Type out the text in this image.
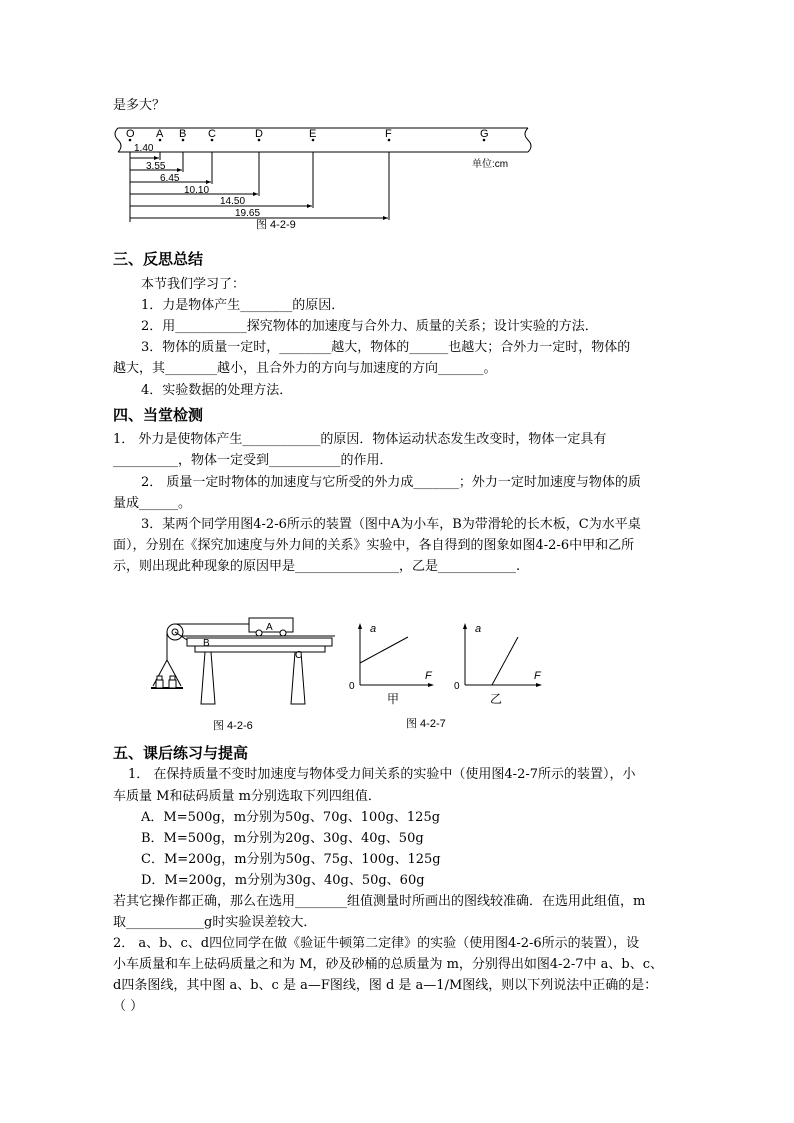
是多大？
O A B C	D	E	F	G
1.40
3.55
6.45
10.10
14.50
19.65
单位:cm
图 4-2-9
三、反思总结
本节我们学习了：
1．力是物体产生________的原因．
2．用___________探究物体的加速度与合外力、质量的关系；设计实验的方法．
3．物体的质量一定时，________越大，物体的______也越大；合外力一定时，物体的
越大，其________越小，且合外力的方向与加速度的方向_______。
4．实验数据的处理方法．
四、当堂检测
1． 外力是使物体产生____________的原因．物体运动状态发生改变时，物体一定具有
__________，物体一定受到___________的作用．
2． 质量一定时物体的加速度与它所受的外力成_______；外力一定时加速度与物体的质
量成______。
3．某两个同学用图4-2-6所示的装置（图中A为小车，B为带滑轮的长木板，C为水平桌
面），分别在《探究加速度与外力间的关系》实验中，各自得到的图象如图4-2-6中甲和乙所
示，则出现此种现象的原因甲是________________，乙是____________.
A
B
C
图 4-2-6
a
F
0
甲
a
F
0
乙
图 4-2-7
五、课后练习与提高
1． 在保持质量不变时加速度与物体受力间关系的实验中（使用图4-2-7所示的装置），小
车质量 M和砝码质量 m分别选取下列四组值．
A．M=500g，m分别为50g、70g、100g、125g
B．M=500g，m分别为20g、30g、40g、50g
C．M=200g，m分别为50g、75g、100g、125g
D．M=200g，m分别为30g、40g、50g、60g
若其它操作都正确，那么在选用________组值测量时所画出的图线较准确．在选用此组值，m
取____________g时实验误差较大．
2． a、b、c、d四位同学在做《验证牛顿第二定律》的实验（使用图4-2-6所示的装置），设
小车质量和车上砝码质量之和为 M，砂及砂桶的总质量为 m，分别得出如图4-2-7中 a、b、c、
d四条图线，其中图 a、b、c 是 a—F图线，图 d 是 a—1/M图线，则以下列说法中正确的是：
（ ）
